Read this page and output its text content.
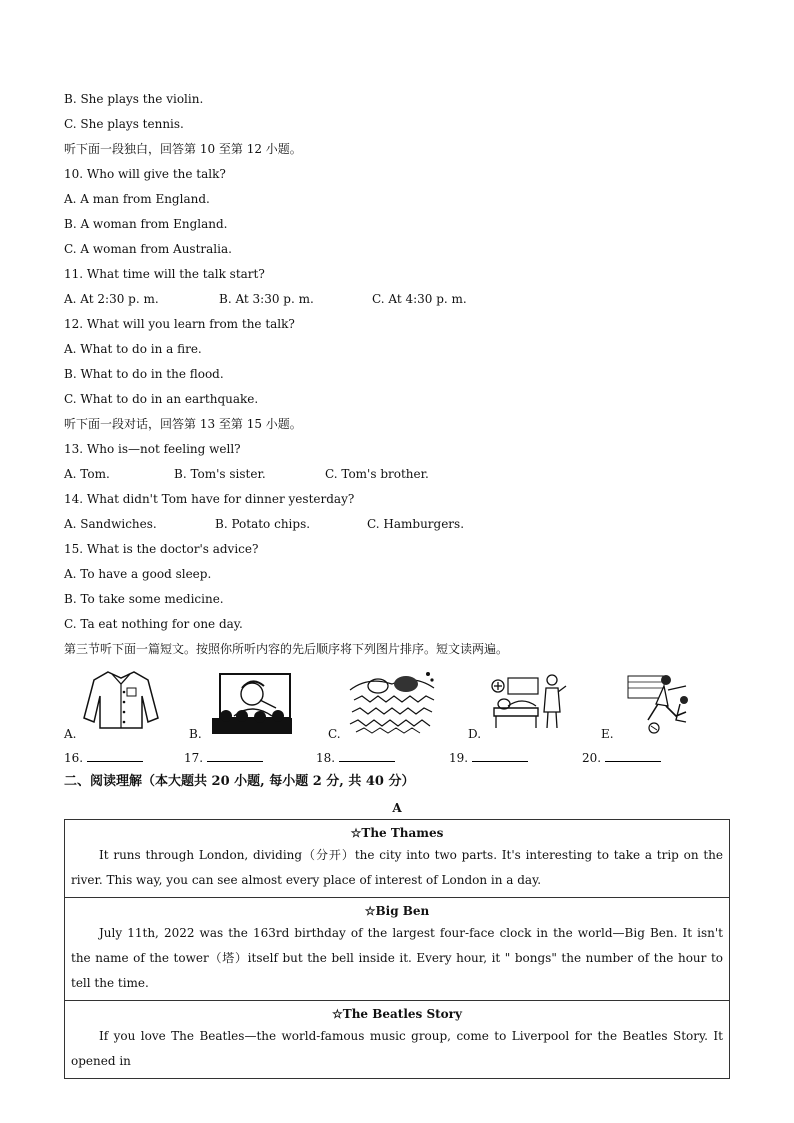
B. She plays the violin.
C. She plays tennis.
听下面一段独白，回答第 10 至第 12 小题。
10. Who will give the talk?
A. A man from England.
B. A woman from England.
C. A woman from Australia.
11. What time will the talk start?
A. At 2:30 p. m.	B. At 3:30 p. m.	C. At 4:30 p. m.
12. What will you learn from the talk?
A. What to do in a fire.
B. What to do in the flood.
C. What to do in an earthquake.
听下面一段对话，回答第 13 至第 15 小题。
13. Who is—not feeling well?
A. Tom.	B. Tom's sister.	C. Tom's brother.
14. What didn't Tom have for dinner yesterday?
A. Sandwiches.	B. Potato chips.	C. Hamburgers.
15. What is the doctor's advice?
A. To have a good sleep.
B. To take some medicine.
C. Ta eat nothing for one day.
第三节听下面一篇短文。按照你所听内容的先后顺序将下列图片排序。短文读两遍。
A.	B.	C.	D.	E.
16.	17.	18.	19.	20.
二、阅读理解（本大题共 20 小题, 每小题 2 分, 共 40 分）
A
☆The Thames
It runs through London, dividing（分开）the city into two parts. It's interesting to take a trip on the river. This way, you can see almost every place of interest of London in a day.

☆Big Ben
July 11th, 2022 was the 163rd birthday of the largest four-face clock in the world—Big Ben. It isn't the name of the tower（塔）itself but the bell inside it. Every hour, it " bongs" the number of the hour to tell the time.

☆The Beatles Story
If you love The Beatles—the world-famous music group, come to Liverpool for the Beatles Story. It opened in
